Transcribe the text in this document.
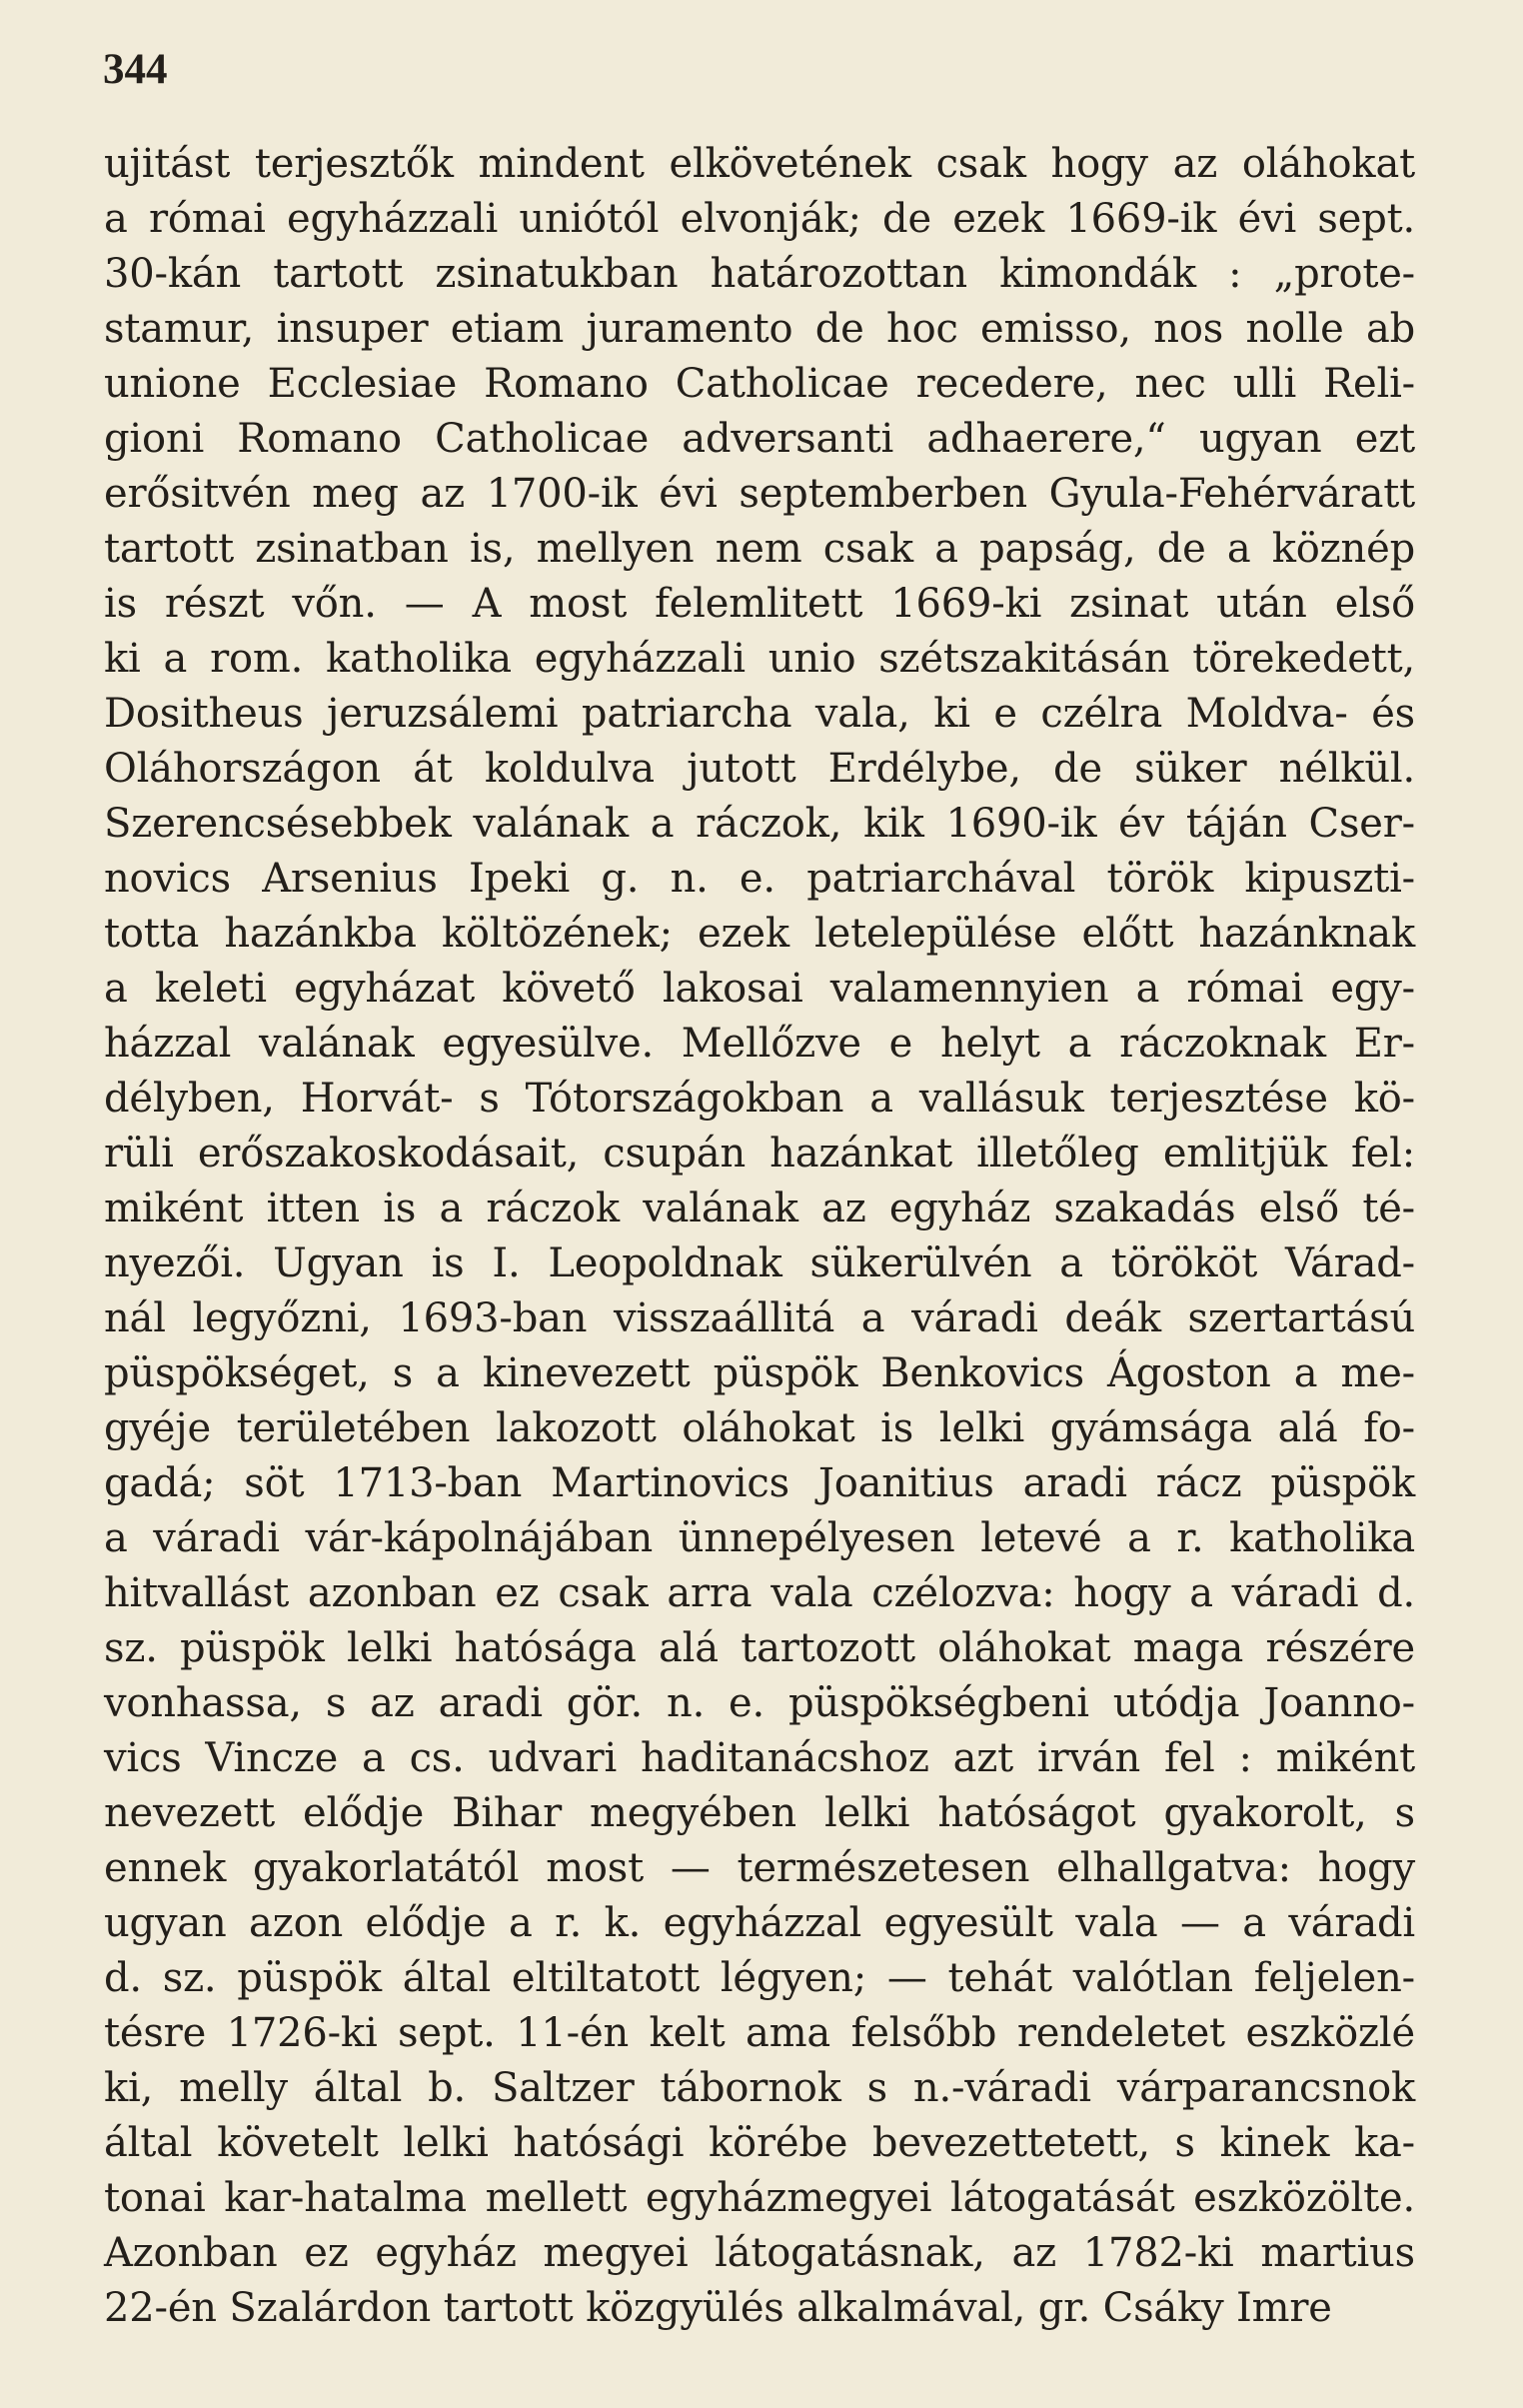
344
ujitást terjesztők mindent elkövetének csak hogy az oláhokat
a római egyházzali uniótól elvonják; de ezek 1669-ik évi sept.
30-kán tartott zsinatukban határozottan kimondák : „prote-
stamur, insuper etiam juramento de hoc emisso, nos nolle ab
unione Ecclesiae Romano Catholicae recedere, nec ulli Reli-
gioni Romano Catholicae adversanti adhaerere,“ ugyan ezt
erősitvén meg az 1700-ik évi septemberben Gyula-Fehérváratt
tartott zsinatban is, mellyen nem csak a papság, de a köznép
is részt vőn. — A most felemlitett 1669-ki zsinat után első
ki a rom. katholika egyházzali unio szétszakitásán törekedett,
Dositheus jeruzsálemi patriarcha vala, ki e czélra Moldva- és
Oláhországon át koldulva jutott Erdélybe, de süker nélkül.
Szerencsésebbek valának a ráczok, kik 1690-ik év táján Cser-
novics Arsenius Ipeki g. n. e. patriarchával török kipuszti-
totta hazánkba költözének; ezek letelepülése előtt hazánknak
a keleti egyházat követő lakosai valamennyien a római egy-
házzal valának egyesülve. Mellőzve e helyt a ráczoknak Er-
délyben, Horvát- s Tótországokban a vallásuk terjesztése kö-
rüli erőszakoskodásait, csupán hazánkat illetőleg emlitjük fel:
miként itten is a ráczok valának az egyház szakadás első té-
nyezői. Ugyan is I. Leopoldnak sükerülvén a törököt Várad-
nál legyőzni, 1693-ban visszaállitá a váradi deák szertartású
püspökséget, s a kinevezett püspök Benkovics Ágoston a me-
gyéje területében lakozott oláhokat is lelki gyámsága alá fo-
gadá; söt 1713-ban Martinovics Joanitius aradi rácz püspök
a váradi vár-kápolnájában ünnepélyesen letevé a r. katholika
hitvallást azonban ez csak arra vala czélozva: hogy a váradi d.
sz. püspök lelki hatósága alá tartozott oláhokat maga részére
vonhassa, s az aradi gör. n. e. püspökségbeni utódja Joanno-
vics Vincze a cs. udvari haditanácshoz azt irván fel : miként
nevezett elődje Bihar megyében lelki hatóságot gyakorolt, s
ennek gyakorlatától most — természetesen elhallgatva: hogy
ugyan azon elődje a r. k. egyházzal egyesült vala — a váradi
d. sz. püspök által eltiltatott légyen; — tehát valótlan feljelen-
tésre 1726-ki sept. 11-én kelt ama felsőbb rendeletet eszközlé
ki, melly által b. Saltzer tábornok s n.-váradi várparancsnok
által követelt lelki hatósági körébe bevezettetett, s kinek ka-
tonai kar-hatalma mellett egyházmegyei látogatását eszközölte.
Azonban ez egyház megyei látogatásnak, az 1782-ki martius
22-én Szalárdon tartott közgyülés alkalmával, gr. Csáky Imre
